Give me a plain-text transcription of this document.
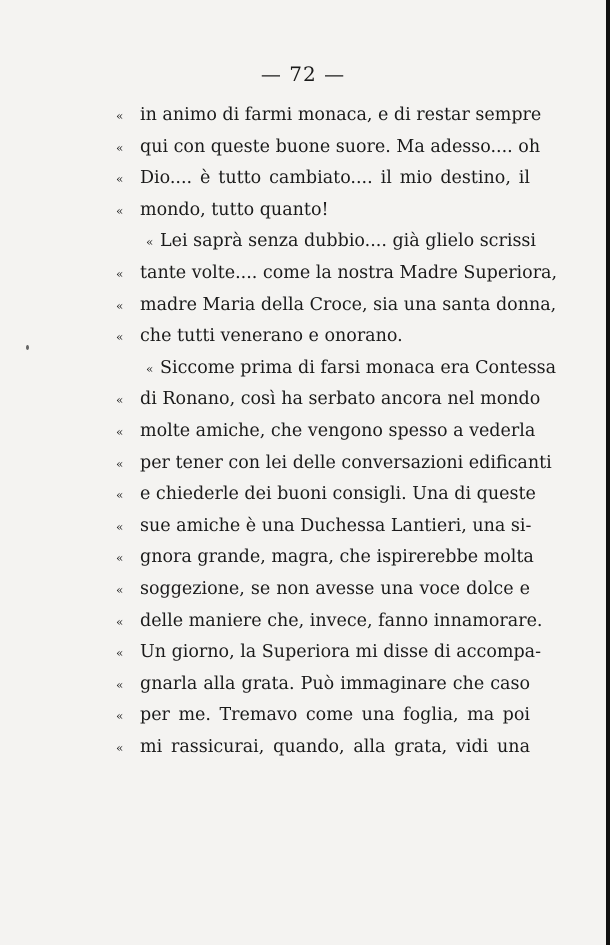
— 72 —
« in animo di farmi monaca, e di restar sempre
« qui con queste buone suore. Ma adesso.... oh
« Dio.... è tutto cambiato.... il mio destino, il
« mondo, tutto quanto!
« Lei saprà senza dubbio.... già glielo scrissi
« tante volte.... come la nostra Madre Superiora,
« madre Maria della Croce, sia una santa donna,
« che tutti venerano e onorano.
« Siccome prima di farsi monaca era Contessa
« di Ronano, così ha serbato ancora nel mondo
« molte amiche, che vengono spesso a vederla
« per tener con lei delle conversazioni edificanti
« e chiederle dei buoni consigli. Una di queste
« sue amiche è una Duchessa Lantieri, una si-
« gnora grande, magra, che ispirerebbe molta
« soggezione, se non avesse una voce dolce e
« delle maniere che, invece, fanno innamorare.
« Un giorno, la Superiora mi disse di accompa-
« gnarla alla grata. Può immaginare che caso
« per me. Tremavo come una foglia, ma poi
« mi rassicurai, quando, alla grata, vidi una
